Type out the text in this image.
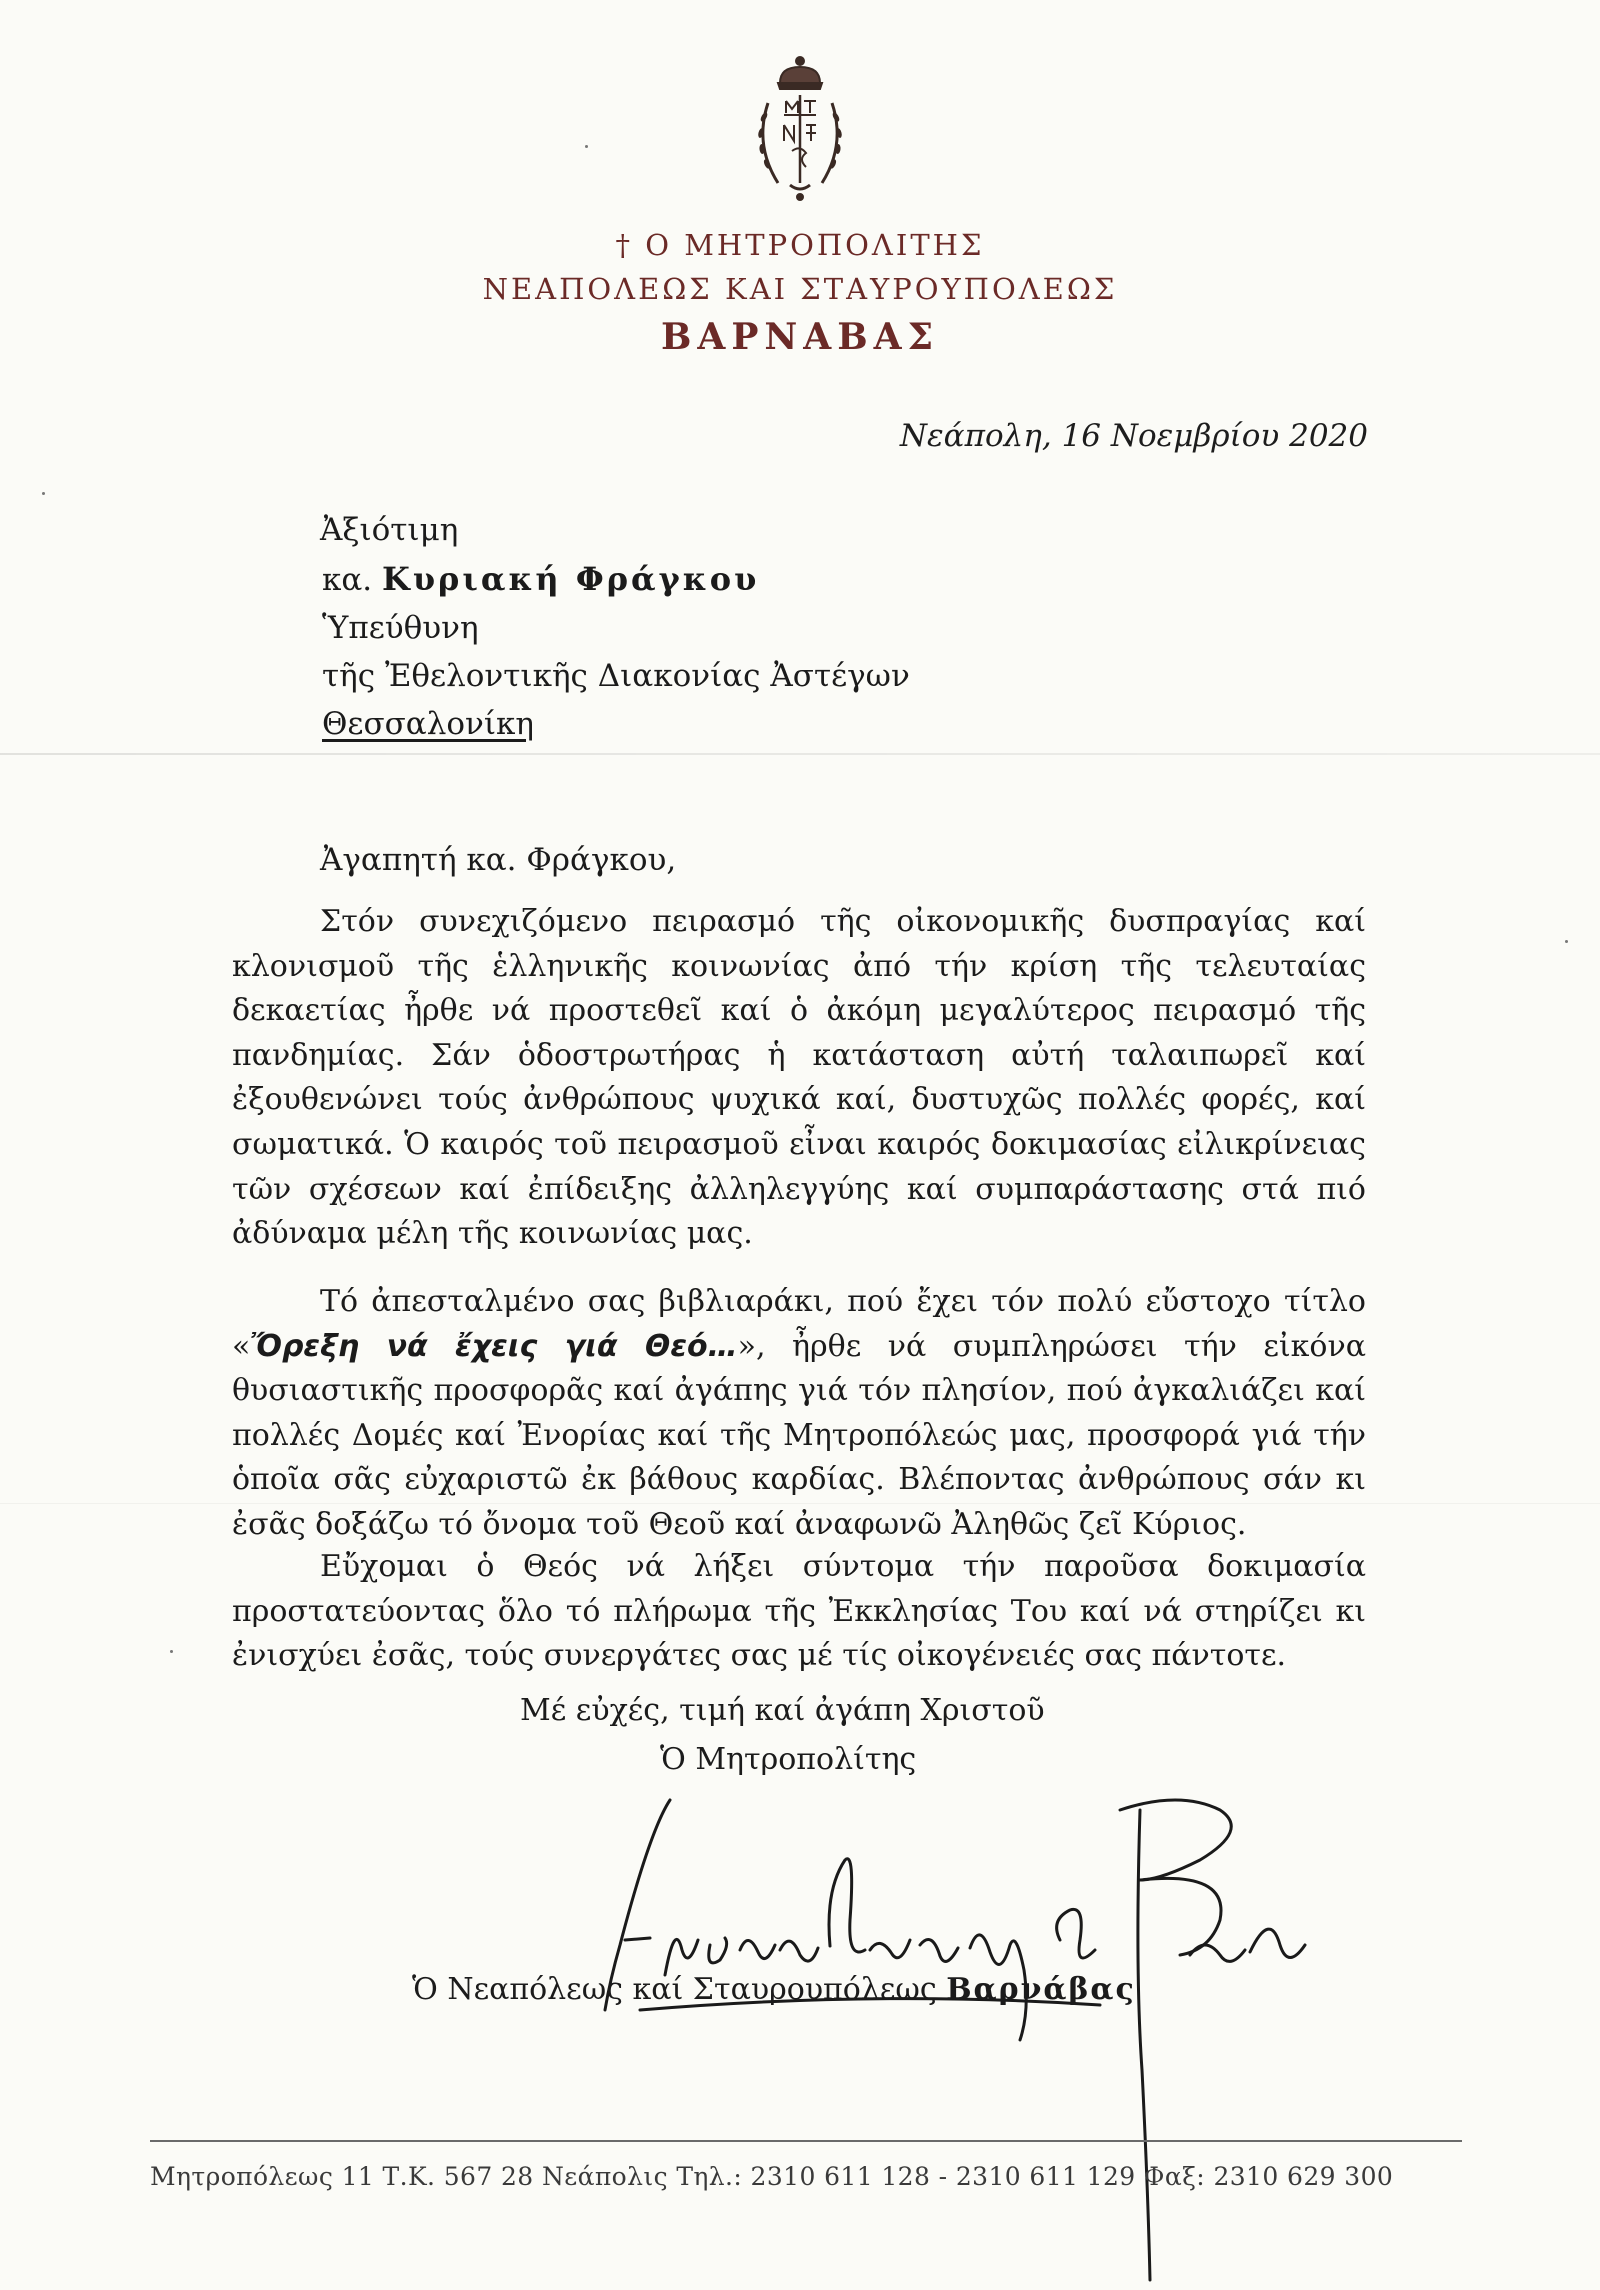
† Ο ΜΗΤΡΟΠΟΛΙΤΗΣ
ΝΕΑΠΟΛΕΩΣ ΚΑΙ ΣΤΑΥΡΟΥΠΟΛΕΩΣ
ΒΑΡΝΑΒΑΣ
Νεάπολη, 16 Νοεμβρίου 2020
Ἀξιότιμη
κα. Κυριακή Φράγκου
Ὑπεύθυνη
τῆς Ἐθελοντικῆς Διακονίας Ἀστέγων
Θεσσαλονίκη
Ἀγαπητή κα. Φράγκου,

Στόν συνεχιζόμενο πειρασμό τῆς οἰκονομικῆς δυσπραγίας καί κλονισμοῦ τῆς ἑλληνικῆς κοινωνίας ἀπό τήν κρίση τῆς τελευταίας δεκαετίας ἦρθε νά προστεθεῖ καί ὁ ἀκόμη μεγαλύτερος πειρασμό τῆς πανδημίας. Σάν ὁδοστρωτήρας ἡ κατάσταση αὐτή ταλαιπωρεῖ καί ἐξουθενώνει τούς ἀνθρώπους ψυχικά καί, δυστυχῶς πολλές φορές, καί σωματικά. Ὁ καιρός τοῦ πειρασμοῦ εἶναι καιρός δοκιμασίας εἰλικρίνειας τῶν σχέσεων καί ἐπίδειξης ἀλληλεγγύης καί συμπαράστασης στά πιό ἀδύναμα μέλη τῆς κοινωνίας μας.

Τό ἀπεσταλμένο σας βιβλιαράκι, πού ἔχει τόν πολύ εὔστοχο τίτλο «Ὄρεξη νά ἔχεις γιά Θεό…», ἦρθε νά συμπληρώσει τήν εἰκόνα θυσιαστικῆς προσφορᾶς καί ἀγάπης γιά τόν πλησίον, πού ἀγκαλιάζει καί πολλές Δομές καί Ἐνορίας καί τῆς Μητροπόλεώς μας, προσφορά γιά τήν ὁποῖα σᾶς εὐχαριστῶ ἐκ βάθους καρδίας. Βλέποντας ἀνθρώπους σάν κι ἐσᾶς δοξάζω τό ὄνομα τοῦ Θεοῦ καί ἀναφωνῶ Ἀληθῶς ζεῖ Κύριος.

Εὔχομαι ὁ Θεός νά λήξει σύντομα τήν παροῦσα δοκιμασία προστατεύοντας ὅλο τό πλήρωμα τῆς Ἐκκλησίας Του καί νά στηρίζει κι ἐνισχύει ἐσᾶς, τούς συνεργάτες σας μέ τίς οἰκογένειές σας πάντοτε.

Μέ εὐχές, τιμή καί ἀγάπη Χριστοῦ
Ὁ Μητροπολίτης
Ὁ Νεαπόλεως καί Σταυρουπόλεως Βαρνάβας
Μητροπόλεως 11 Τ.Κ. 567 28 Νεάπολις Τηλ.: 2310 611 128 - 2310 611 129 Φαξ: 2310 629 300
